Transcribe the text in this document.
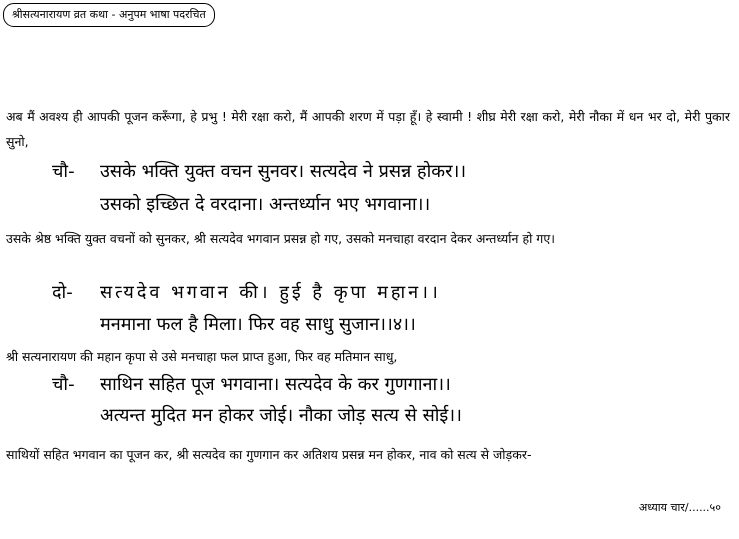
श्रीसत्यनारायण व्रत कथा - अनुपम भाषा पदरचित
अब मैं अवश्य ही आपकी पूजन करूँगा, हे प्रभु ! मेरी रक्षा करो, मैं आपकी शरण में पड़ा हूँ। हे स्वामी ! शीघ्र मेरी रक्षा करो, मेरी नौका में धन भर दो, मेरी पुकार सुनो,
चौ- उसके भक्ति युक्त वचन सुनवर। सत्यदेव ने प्रसन्न होकर।।
उसको इच्छित दे वरदाना। अन्तर्ध्यान भए भगवाना।।
उसके श्रेष्ठ भक्ति युक्त वचनों को सुनकर, श्री सत्यदेव भगवान प्रसन्न हो गए, उसको मनचाहा वरदान देकर अन्तर्ध्यान हो गए।
दो- सत्यदेव भगवान की। हुई है कृपा महान।।
मनमाना फल है मिला। फिर वह साधु सुजान।।४।।
श्री सत्यनारायण की महान कृपा से उसे मनचाहा फल प्राप्त हुआ, फिर वह मतिमान साधु,
चौ- साथिन सहित पूज भगवाना। सत्यदेव के कर गुणगाना।।
अत्यन्त मुदित मन होकर जोई। नौका जोड़ सत्य से सोई।।
साथियों सहित भगवान का पूजन कर, श्री सत्यदेव का गुणगान कर अतिशय प्रसन्न मन होकर, नाव को सत्य से जोड़कर-
अध्याय चार/......५०
